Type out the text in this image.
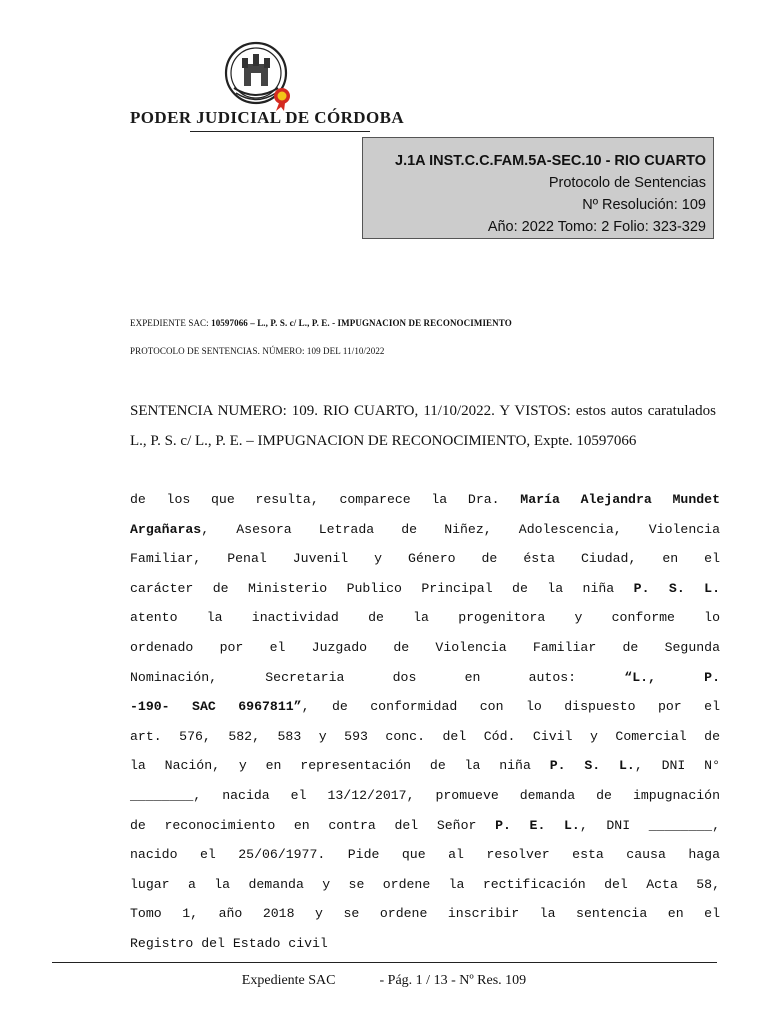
PODER JUDICIAL DE CÓRDOBA
J.1A INST.C.C.FAM.5A-SEC.10 - RIO CUARTO
Protocolo de Sentencias
Nº Resolución: 109
Año: 2022 Tomo: 2 Folio: 323-329
EXPEDIENTE SAC: 10597066 – L., P. S. c/ L., P. E. - IMPUGNACION DE RECONOCIMIENTO
PROTOCOLO DE SENTENCIAS. NÚMERO: 109 DEL 11/10/2022
SENTENCIA NUMERO: 109. RIO CUARTO, 11/10/2022. Y VISTOS: estos autos caratulados L., P. S. c/ L., P. E. – IMPUGNACION DE RECONOCIMIENTO, Expte. 10597066
de los que resulta, comparece la Dra. María Alejandra Mundet
Argañaras, Asesora Letrada de Niñez, Adolescencia, Violencia
Familiar, Penal Juvenil y Género de ésta Ciudad, en el
carácter de Ministerio Publico Principal de la niña P. S. L.
atento la inactividad de la progenitora y conforme lo
ordenado por el Juzgado de Violencia Familiar de Segunda
Nominación, Secretaria dos en autos: “L., P.
-190- SAC 6967811”, de conformidad con lo dispuesto por el
art. 576, 582, 583 y 593 conc. del Cód. Civil y Comercial de
la Nación, y en representación de la niña P. S. L., DNI N°
________, nacida el 13/12/2017, promueve demanda de impugnación
de reconocimiento en contra del Señor P. E. L., DNI ________,
nacido el 25/06/1977. Pide que al resolver esta causa haga
lugar a la demanda y se ordene la rectificación del Acta 58,
Tomo 1, año 2018 y se ordene inscribir la sentencia en el
Registro del Estado civil
Expediente SAC	- Pág. 1 / 13 - Nº Res. 109
